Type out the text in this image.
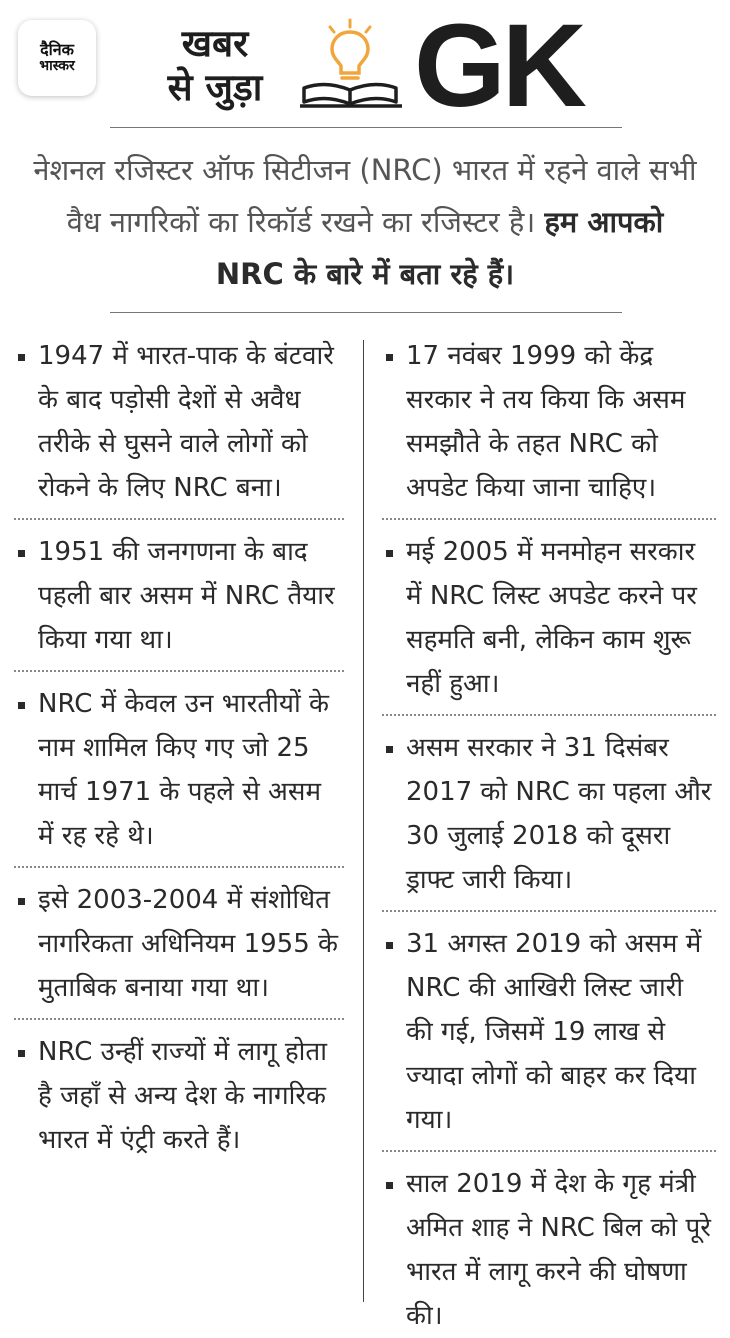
दैनिक
भास्कर
खबर
से जुड़ा GK
नेशनल रजिस्टर ऑफ सिटीजन (NRC) भारत में रहने वाले सभी वैध नागरिकों का रिकॉर्ड रखने का रजिस्टर है। हम आपको NRC के बारे में बता रहे हैं।
1947 में भारत-पाक के बंटवारे के बाद पड़ोसी देशों से अवैध तरीके से घुसने वाले लोगों को रोकने के लिए NRC बना।
1951 की जनगणना के बाद पहली बार असम में NRC तैयार किया गया था।
NRC में केवल उन भारतीयों के नाम शामिल किए गए जो 25 मार्च 1971 के पहले से असम में रह रहे थे।
इसे 2003-2004 में संशोधित नागरिकता अधिनियम 1955 के मुताबिक बनाया गया था।
NRC उन्हीं राज्यों में लागू होता है जहाँ से अन्य देश के नागरिक भारत में एंट्री करते हैं।
17 नवंबर 1999 को केंद्र सरकार ने तय किया कि असम समझौते के तहत NRC को अपडेट किया जाना चाहिए।
मई 2005 में मनमोहन सरकार में NRC लिस्ट अपडेट करने पर सहमति बनी, लेकिन काम शुरू नहीं हुआ।
असम सरकार ने 31 दिसंबर 2017 को NRC का पहला और 30 जुलाई 2018 को दूसरा ड्राफ्ट जारी किया।
31 अगस्त 2019 को असम में NRC की आखिरी लिस्ट जारी की गई, जिसमें 19 लाख से ज्यादा लोगों को बाहर कर दिया गया।
साल 2019 में देश के गृह मंत्री अमित शाह ने NRC बिल को पूरे भारत में लागू करने की घोषणा की।
